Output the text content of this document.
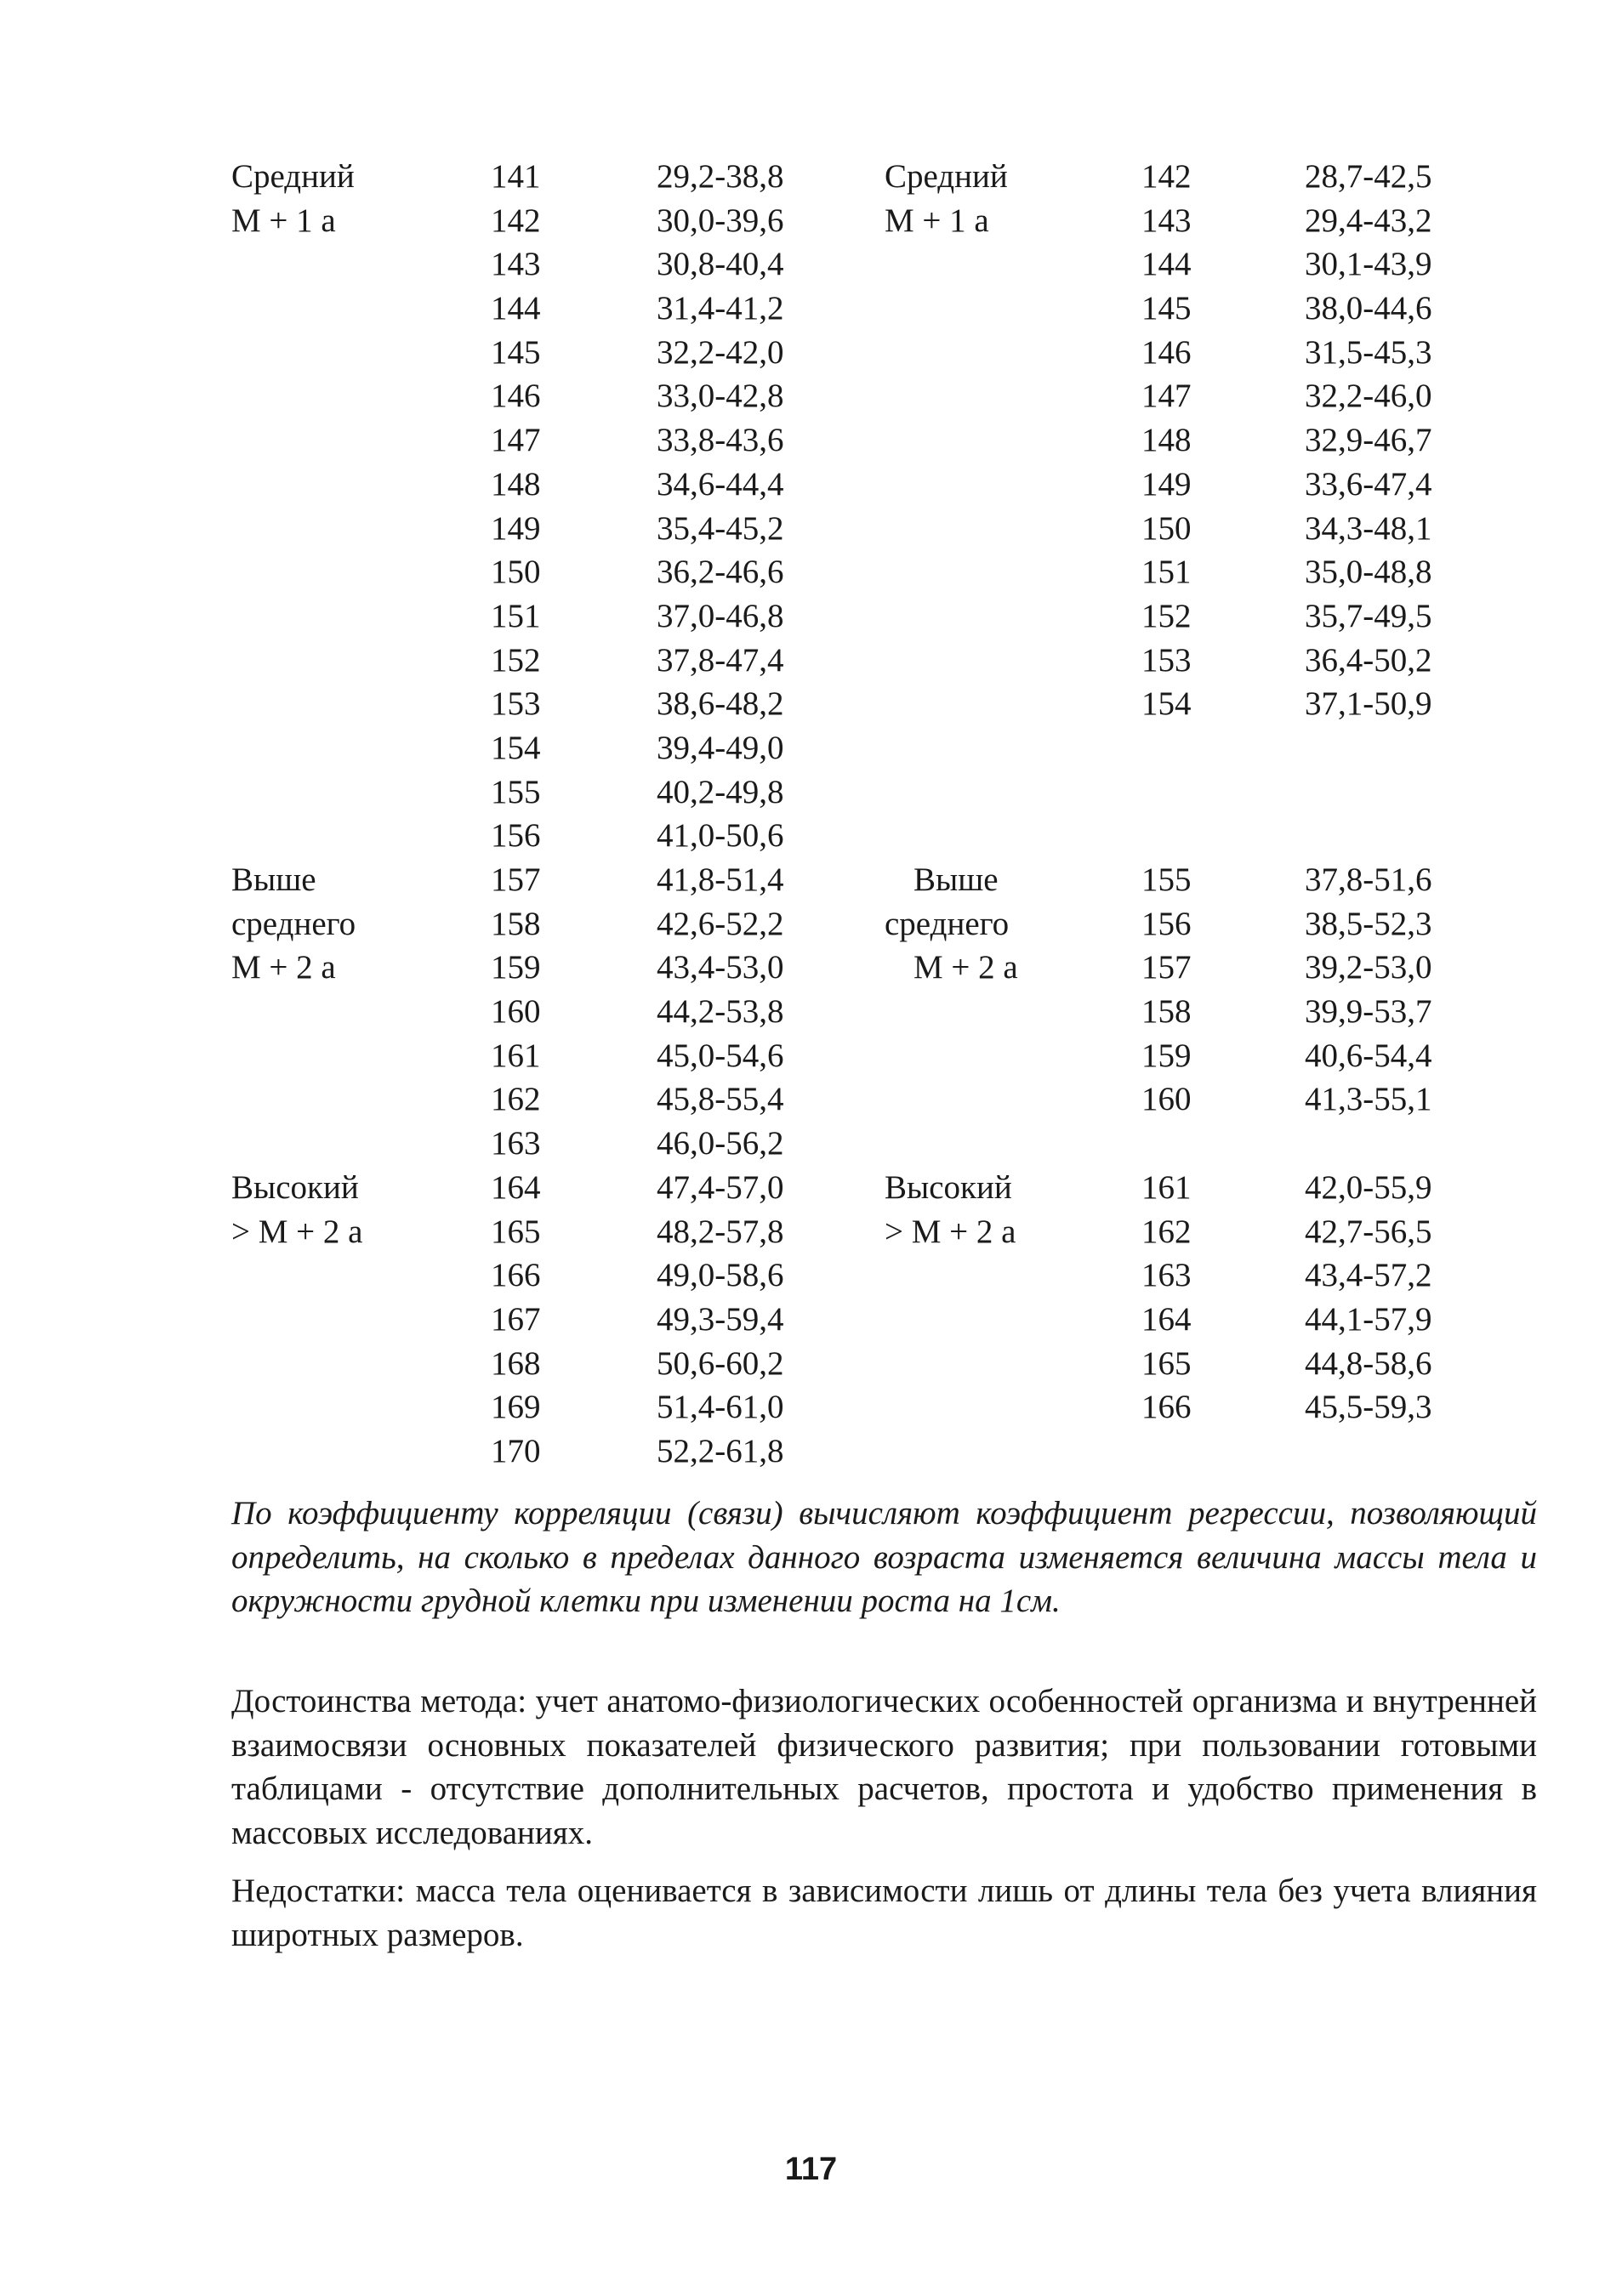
Средний	141	29,2-38,8
М + 1 а	142	30,0-39,6
143	30,8-40,4
144	31,4-41,2
145	32,2-42,0
146	33,0-42,8
147	33,8-43,6
148	34,6-44,4
149	35,4-45,2
150	36,2-46,6
151	37,0-46,8
152	37,8-47,4
153	38,6-48,2
154	39,4-49,0
155	40,2-49,8
156	41,0-50,6
Выше	157	41,8-51,4
среднего	158	42,6-52,2
М + 2 а	159	43,4-53,0
160	44,2-53,8
161	45,0-54,6
162	45,8-55,4
163	46,0-56,2
Высокий	164	47,4-57,0
> М + 2 а	165	48,2-57,8
166	49,0-58,6
167	49,3-59,4
168	50,6-60,2
169	51,4-61,0
170	52,2-61,8
Средний	142	28,7-42,5
М + 1 а	143	29,4-43,2
144	30,1-43,9
145	38,0-44,6
146	31,5-45,3
147	32,2-46,0
148	32,9-46,7
149	33,6-47,4
150	34,3-48,1
151	35,0-48,8
152	35,7-49,5
153	36,4-50,2
154	37,1-50,9
Выше	155	37,8-51,6
среднего	156	38,5-52,3
М + 2 а	157	39,2-53,0
158	39,9-53,7
159	40,6-54,4
160	41,3-55,1
Высокий	161	42,0-55,9
> М + 2 а	162	42,7-56,5
163	43,4-57,2
164	44,1-57,9
165	44,8-58,6
166	45,5-59,3

По коэффициенту корреляции (связи) вычисляют коэффициент регрессии, позволяющий определить, на сколько в пределах данного возраста изменяется величина массы тела и окружности грудной клетки при изменении роста на 1см.

Достоинства метода: учет анатомо-физиологических особенностей организма и внутренней взаимосвязи основных показателей физического развития; при пользовании готовыми таблицами - отсутствие дополнительных расчетов, простота и удобство применения в массовых исследованиях.

Недостатки: масса тела оценивается в зависимости лишь от длины тела без учета влияния широтных размеров.

117
